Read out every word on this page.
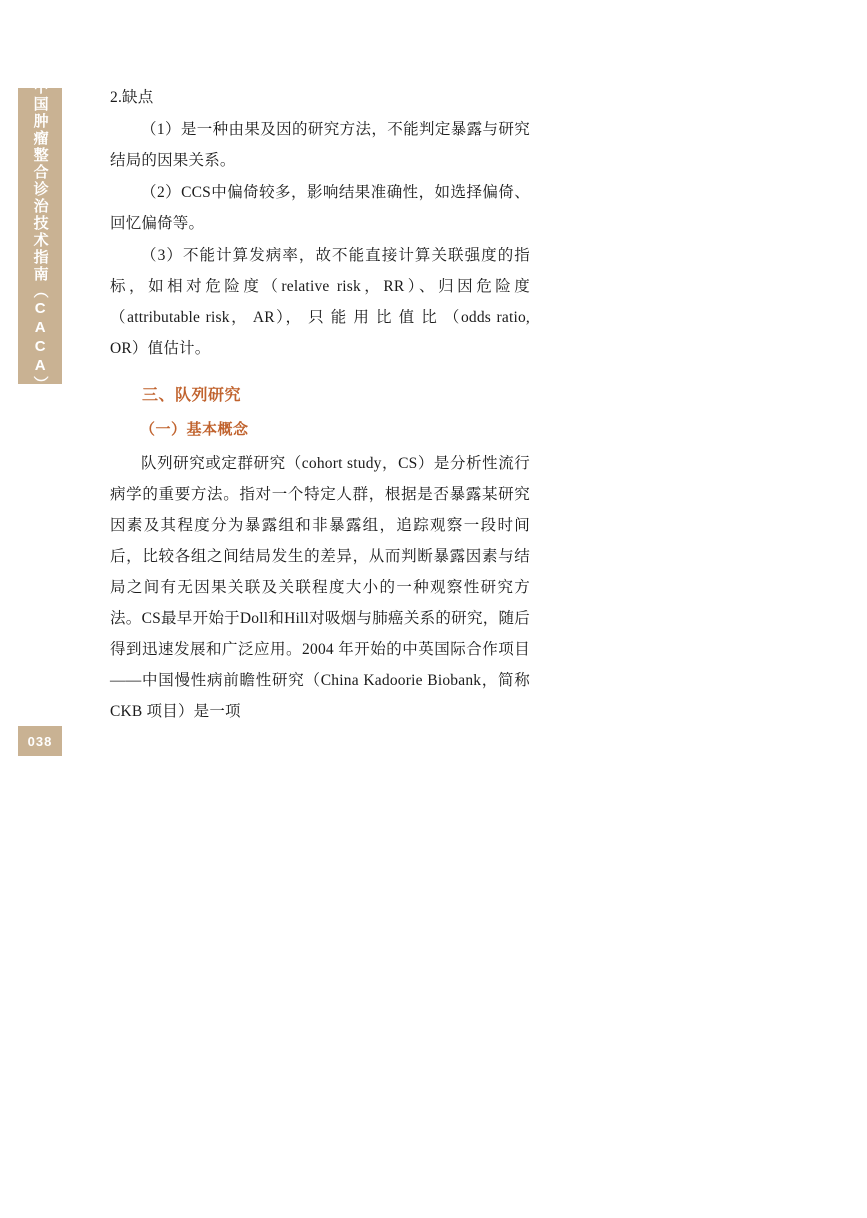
中国肿瘤整合诊治技术指南（CACA）
038

2.缺点

（1）是一种由果及因的研究方法，不能判定暴露与研究结局的因果关系。

（2）CCS中偏倚较多，影响结果准确性，如选择偏倚、回忆偏倚等。

（3）不能计算发病率，故不能直接计算关联强度的指标，如相对危险度（relative risk，RR）、归因危险度（attributable risk， AR）， 只 能 用 比 值 比 （odds ratio, OR）值估计。

三、队列研究
（一）基本概念

队列研究或定群研究（cohort study，CS）是分析性流行病学的重要方法。指对一个特定人群，根据是否暴露某研究因素及其程度分为暴露组和非暴露组，追踪观察一段时间后，比较各组之间结局发生的差异，从而判断暴露因素与结局之间有无因果关联及关联程度大小的一种观察性研究方法。CS最早开始于Doll和Hill对吸烟与肺癌关系的研究，随后得到迅速发展和广泛应用。2004 年开始的中英国际合作项目——中国慢性病前瞻性研究（China Kadoorie Biobank，简称 CKB 项目）是一项
